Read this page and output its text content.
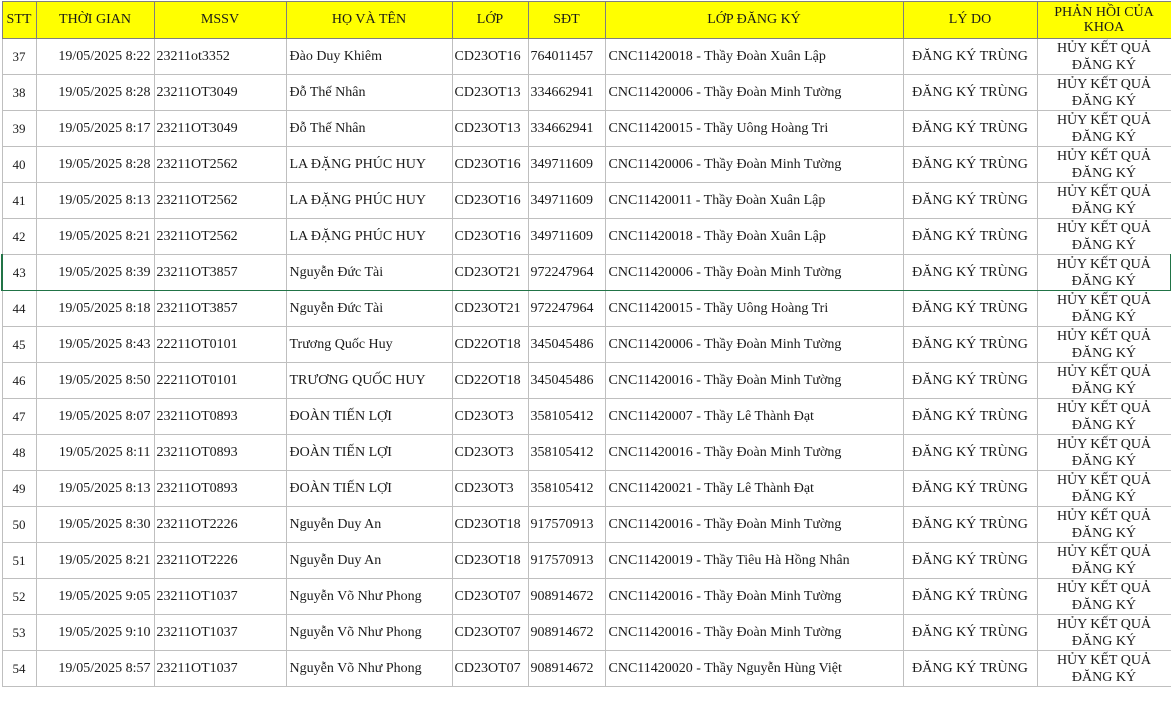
STT	THỜI GIAN	MSSV	HỌ VÀ TÊN	LỚP	SĐT	LỚP ĐĂNG KÝ	LÝ DO	PHẢN HỒI CỦA KHOA
37	19/05/2025 8:22	23211ot3352	Đào Duy Khiêm	CD23OT16	764011457	CNC11420018 - Thầy Đoàn Xuân Lập	ĐĂNG KÝ TRÙNG	HỦY KẾT QUẢ ĐĂNG KÝ
38	19/05/2025 8:28	23211OT3049	Đỗ Thế Nhân	CD23OT13	334662941	CNC11420006 - Thầy Đoàn Minh Tường	ĐĂNG KÝ TRÙNG	HỦY KẾT QUẢ ĐĂNG KÝ
39	19/05/2025 8:17	23211OT3049	Đỗ Thế Nhân	CD23OT13	334662941	CNC11420015 - Thầy Uông Hoàng Tri	ĐĂNG KÝ TRÙNG	HỦY KẾT QUẢ ĐĂNG KÝ
40	19/05/2025 8:28	23211OT2562	LA ĐẶNG PHÚC HUY	CD23OT16	349711609	CNC11420006 - Thầy Đoàn Minh Tường	ĐĂNG KÝ TRÙNG	HỦY KẾT QUẢ ĐĂNG KÝ
41	19/05/2025 8:13	23211OT2562	LA ĐẶNG PHÚC HUY	CD23OT16	349711609	CNC11420011 - Thầy Đoàn Xuân Lập	ĐĂNG KÝ TRÙNG	HỦY KẾT QUẢ ĐĂNG KÝ
42	19/05/2025 8:21	23211OT2562	LA ĐẶNG PHÚC HUY	CD23OT16	349711609	CNC11420018 - Thầy Đoàn Xuân Lập	ĐĂNG KÝ TRÙNG	HỦY KẾT QUẢ ĐĂNG KÝ
43	19/05/2025 8:39	23211OT3857	Nguyễn Đức Tài	CD23OT21	972247964	CNC11420006 - Thầy Đoàn Minh Tường	ĐĂNG KÝ TRÙNG	HỦY KẾT QUẢ ĐĂNG KÝ
44	19/05/2025 8:18	23211OT3857	Nguyễn Đức Tài	CD23OT21	972247964	CNC11420015 - Thầy Uông Hoàng Tri	ĐĂNG KÝ TRÙNG	HỦY KẾT QUẢ ĐĂNG KÝ
45	19/05/2025 8:43	22211OT0101	Trương Quốc Huy	CD22OT18	345045486	CNC11420006 - Thầy Đoàn Minh Tường	ĐĂNG KÝ TRÙNG	HỦY KẾT QUẢ ĐĂNG KÝ
46	19/05/2025 8:50	22211OT0101	TRƯƠNG QUỐC HUY	CD22OT18	345045486	CNC11420016 - Thầy Đoàn Minh Tường	ĐĂNG KÝ TRÙNG	HỦY KẾT QUẢ ĐĂNG KÝ
47	19/05/2025 8:07	23211OT0893	ĐOÀN TIẾN LỢI	CD23OT3	358105412	CNC11420007 - Thầy Lê Thành Đạt	ĐĂNG KÝ TRÙNG	HỦY KẾT QUẢ ĐĂNG KÝ
48	19/05/2025 8:11	23211OT0893	ĐOÀN TIẾN LỢI	CD23OT3	358105412	CNC11420016 - Thầy Đoàn Minh Tường	ĐĂNG KÝ TRÙNG	HỦY KẾT QUẢ ĐĂNG KÝ
49	19/05/2025 8:13	23211OT0893	ĐOÀN TIẾN LỢI	CD23OT3	358105412	CNC11420021 - Thầy Lê Thành Đạt	ĐĂNG KÝ TRÙNG	HỦY KẾT QUẢ ĐĂNG KÝ
50	19/05/2025 8:30	23211OT2226	Nguyễn Duy An	CD23OT18	917570913	CNC11420016 - Thầy Đoàn Minh Tường	ĐĂNG KÝ TRÙNG	HỦY KẾT QUẢ ĐĂNG KÝ
51	19/05/2025 8:21	23211OT2226	Nguyễn Duy An	CD23OT18	917570913	CNC11420019 - Thầy Tiêu Hà Hồng Nhân	ĐĂNG KÝ TRÙNG	HỦY KẾT QUẢ ĐĂNG KÝ
52	19/05/2025 9:05	23211OT1037	Nguyễn Võ Như Phong	CD23OT07	908914672	CNC11420016 - Thầy Đoàn Minh Tường	ĐĂNG KÝ TRÙNG	HỦY KẾT QUẢ ĐĂNG KÝ
53	19/05/2025 9:10	23211OT1037	Nguyễn Võ Như Phong	CD23OT07	908914672	CNC11420016 - Thầy Đoàn Minh Tường	ĐĂNG KÝ TRÙNG	HỦY KẾT QUẢ ĐĂNG KÝ
54	19/05/2025 8:57	23211OT1037	Nguyễn Võ Như Phong	CD23OT07	908914672	CNC11420020 - Thầy Nguyễn Hùng Việt	ĐĂNG KÝ TRÙNG	HỦY KẾT QUẢ ĐĂNG KÝ
